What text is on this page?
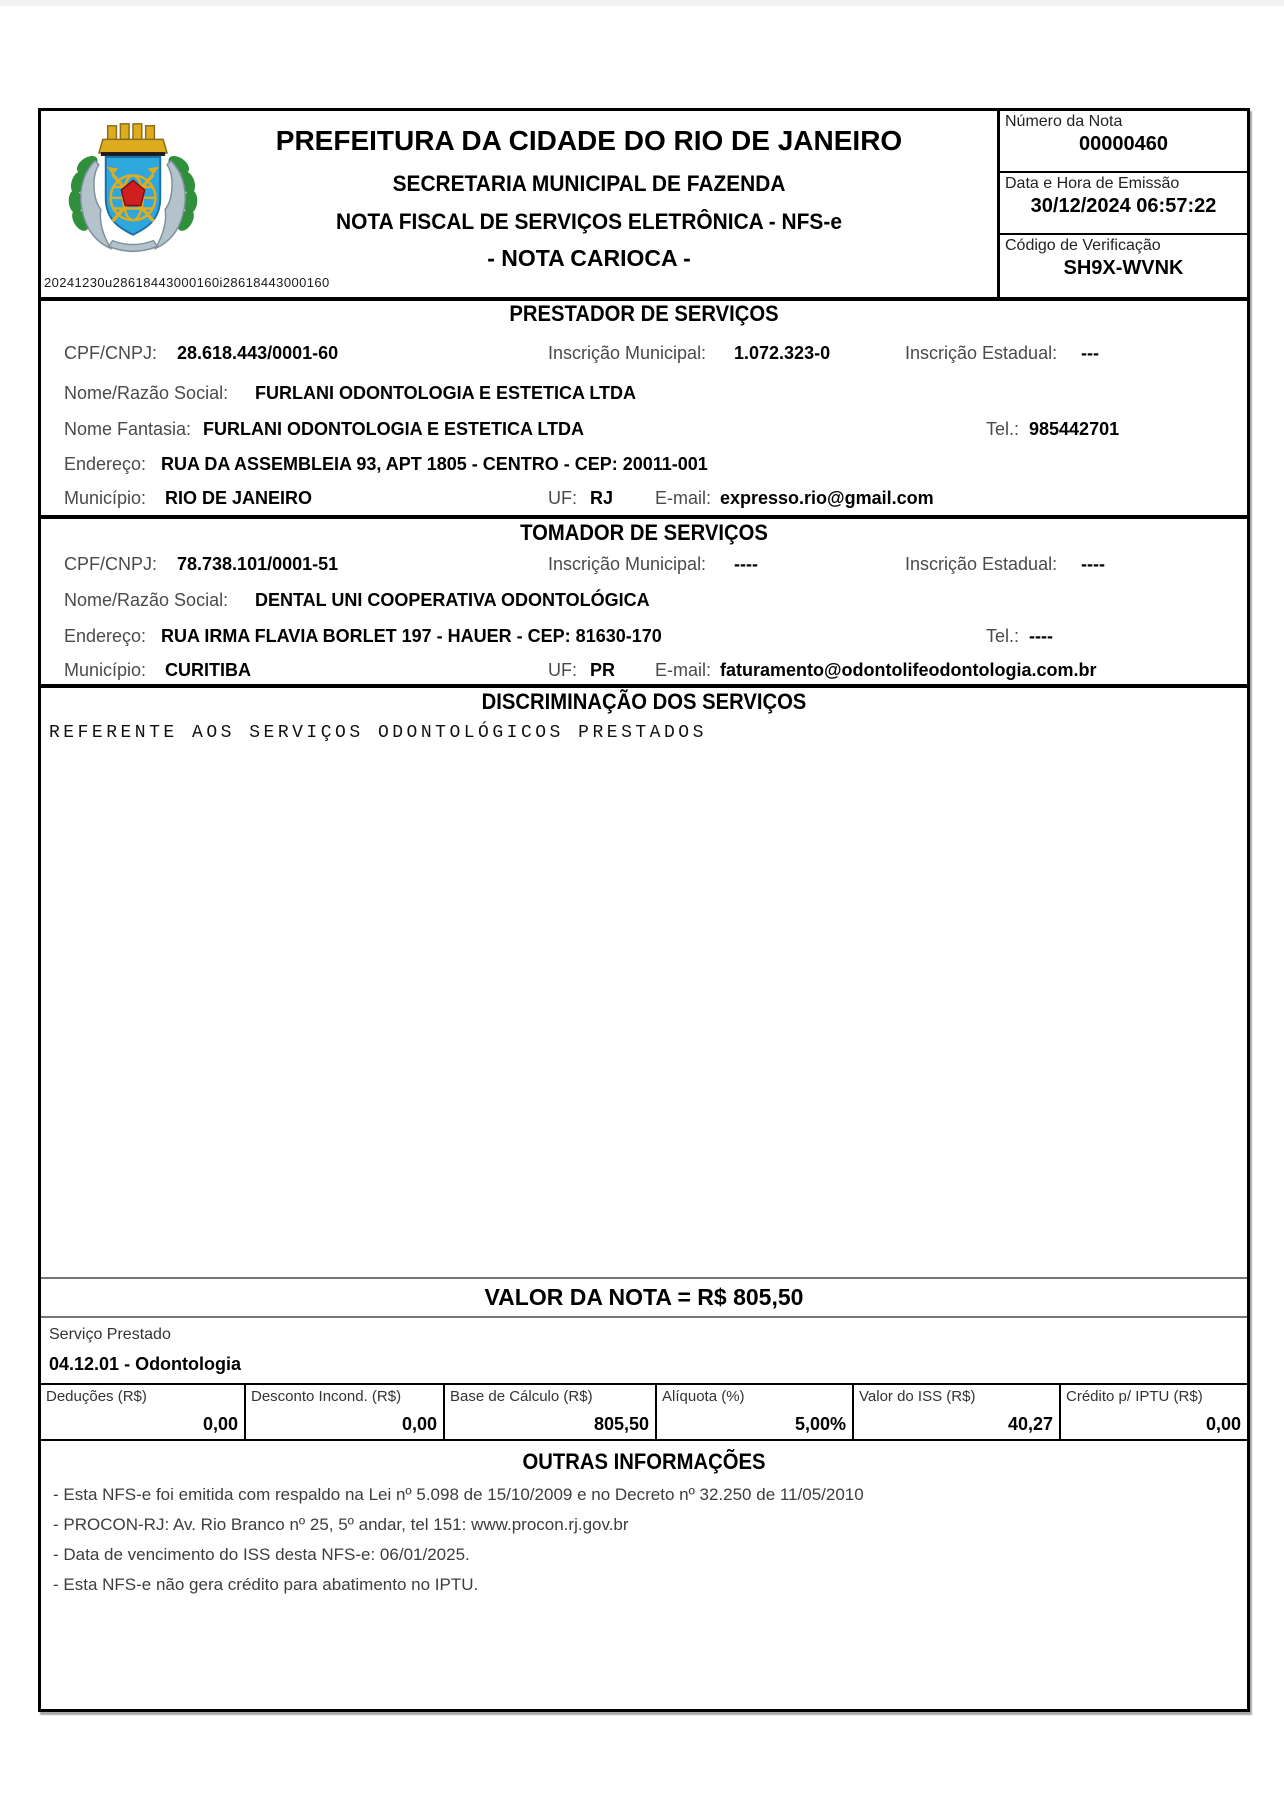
PREFEITURA DA CIDADE DO RIO DE JANEIRO
SECRETARIA MUNICIPAL DE FAZENDA
NOTA FISCAL DE SERVIÇOS ELETRÔNICA - NFS-e
- NOTA CARIOCA -
20241230u28618443000160i28618443000160
Número da Nota
00000460
Data e Hora de Emissão
30/12/2024 06:57:22
Código de Verificação
SH9X-WVNK
PRESTADOR DE SERVIÇOS
CPF/CNPJ: 28.618.443/0001-60	Inscrição Municipal: 1.072.323-0	Inscrição Estadual: ---
Nome/Razão Social: FURLANI ODONTOLOGIA E ESTETICA LTDA
Nome Fantasia: FURLANI ODONTOLOGIA E ESTETICA LTDA	Tel.: 985442701
Endereço: RUA DA ASSEMBLEIA 93, APT 1805 - CENTRO - CEP: 20011-001
Município: RIO DE JANEIRO	UF: RJ E-mail: expresso.rio@gmail.com
TOMADOR DE SERVIÇOS
CPF/CNPJ: 78.738.101/0001-51	Inscrição Municipal: ----	Inscrição Estadual: ----
Nome/Razão Social: DENTAL UNI COOPERATIVA ODONTOLÓGICA
Endereço: RUA IRMA FLAVIA BORLET 197 - HAUER - CEP: 81630-170	Tel.: ----
Município: CURITIBA	UF: PR E-mail: faturamento@odontolifeodontologia.com.br
DISCRIMINAÇÃO DOS SERVIÇOS
REFERENTE AOS SERVIÇOS ODONTOLÓGICOS PRESTADOS
VALOR DA NOTA = R$ 805,50
Serviço Prestado
04.12.01 - Odontologia
Deduções (R$)
0,00
Desconto Incond. (R$)
0,00
Base de Cálculo (R$)
805,50
Alíquota (%)
5,00%
Valor do ISS (R$)
40,27
Crédito p/ IPTU (R$)
0,00
OUTRAS INFORMAÇÕES
- Esta NFS-e foi emitida com respaldo na Lei nº 5.098 de 15/10/2009 e no Decreto nº 32.250 de 11/05/2010
- PROCON-RJ: Av. Rio Branco nº 25, 5º andar, tel 151: www.procon.rj.gov.br
- Data de vencimento do ISS desta NFS-e: 06/01/2025.
- Esta NFS-e não gera crédito para abatimento no IPTU.
